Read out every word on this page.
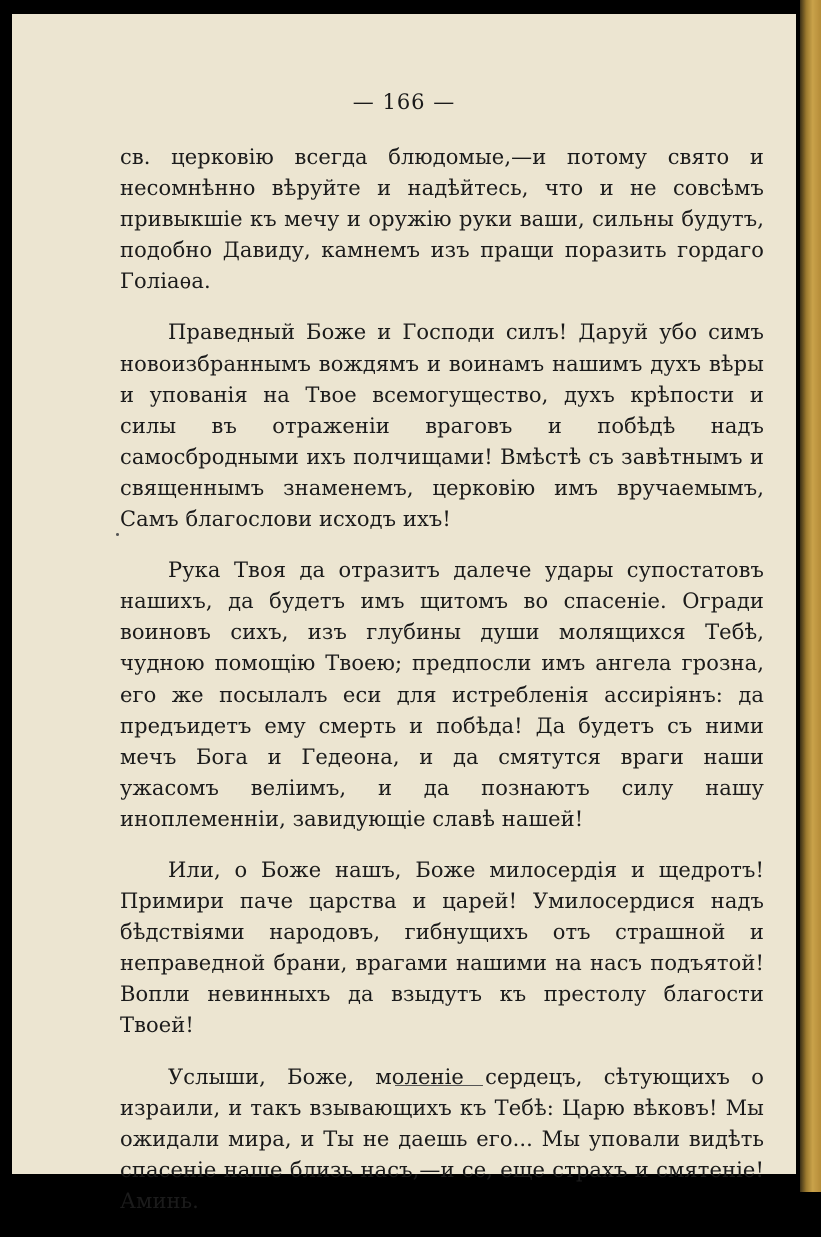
— 166 —

св. церковiю всегда блюдомые,—и потому свято и несомнѣнно вѣруйте и надѣйтесь, что и не совсѣмъ привыкшiе къ мечу и оружiю руки ваши, сильны будутъ, подобно Давиду, камнемъ изъ пращи поразить гордаго Голiаѳа.

Праведный Боже и Господи силъ! Даруй убо симъ новоизбраннымъ вождямъ и воинамъ нашимъ духъ вѣры и упованiя на Твое всемогущество, духъ крѣпости и силы въ отраженiи враговъ и побѣдѣ надъ самосбродными ихъ полчищами! Вмѣстѣ съ завѣтнымъ и священнымъ знаменемъ, церковiю имъ вручаемымъ, Самъ благослови исходъ ихъ!

Рука Твоя да отразитъ далече удары супостатовъ нашихъ, да будетъ имъ щитомъ во спасенiе. Огради воиновъ сихъ, изъ глубины души молящихся Тебѣ, чудною помощiю Твоею; предпосли имъ ангела грозна, его же посылалъ еси для истребленiя ассирiянъ: да предъидетъ ему смерть и побѣда! Да будетъ съ ними мечъ Бога и Гедеона, и да смятутся враги наши ужасомъ велiимъ, и да познаютъ силу нашу иноплеменнiи, завидующiе славѣ нашей!

Или, о Боже нашъ, Боже милосердiя и щедротъ! Примири паче царства и царей! Умилосердися надъ бѣдствiями народовъ, гибнущихъ отъ страшной и неправедной брани, врагами нашими на насъ подъятой! Вопли невинныхъ да взыдутъ къ престолу благости Твоей!

Услыши, Боже, моленiе сердецъ, сѣтующихъ о израили, и такъ взывающихъ къ Тебѣ: Царю вѣковъ! Мы ожидали мира, и Ты не даешь его... Мы уповали видѣть спасенiе наше близь насъ,—и се, еще страхъ и смятенiе! Аминь.
